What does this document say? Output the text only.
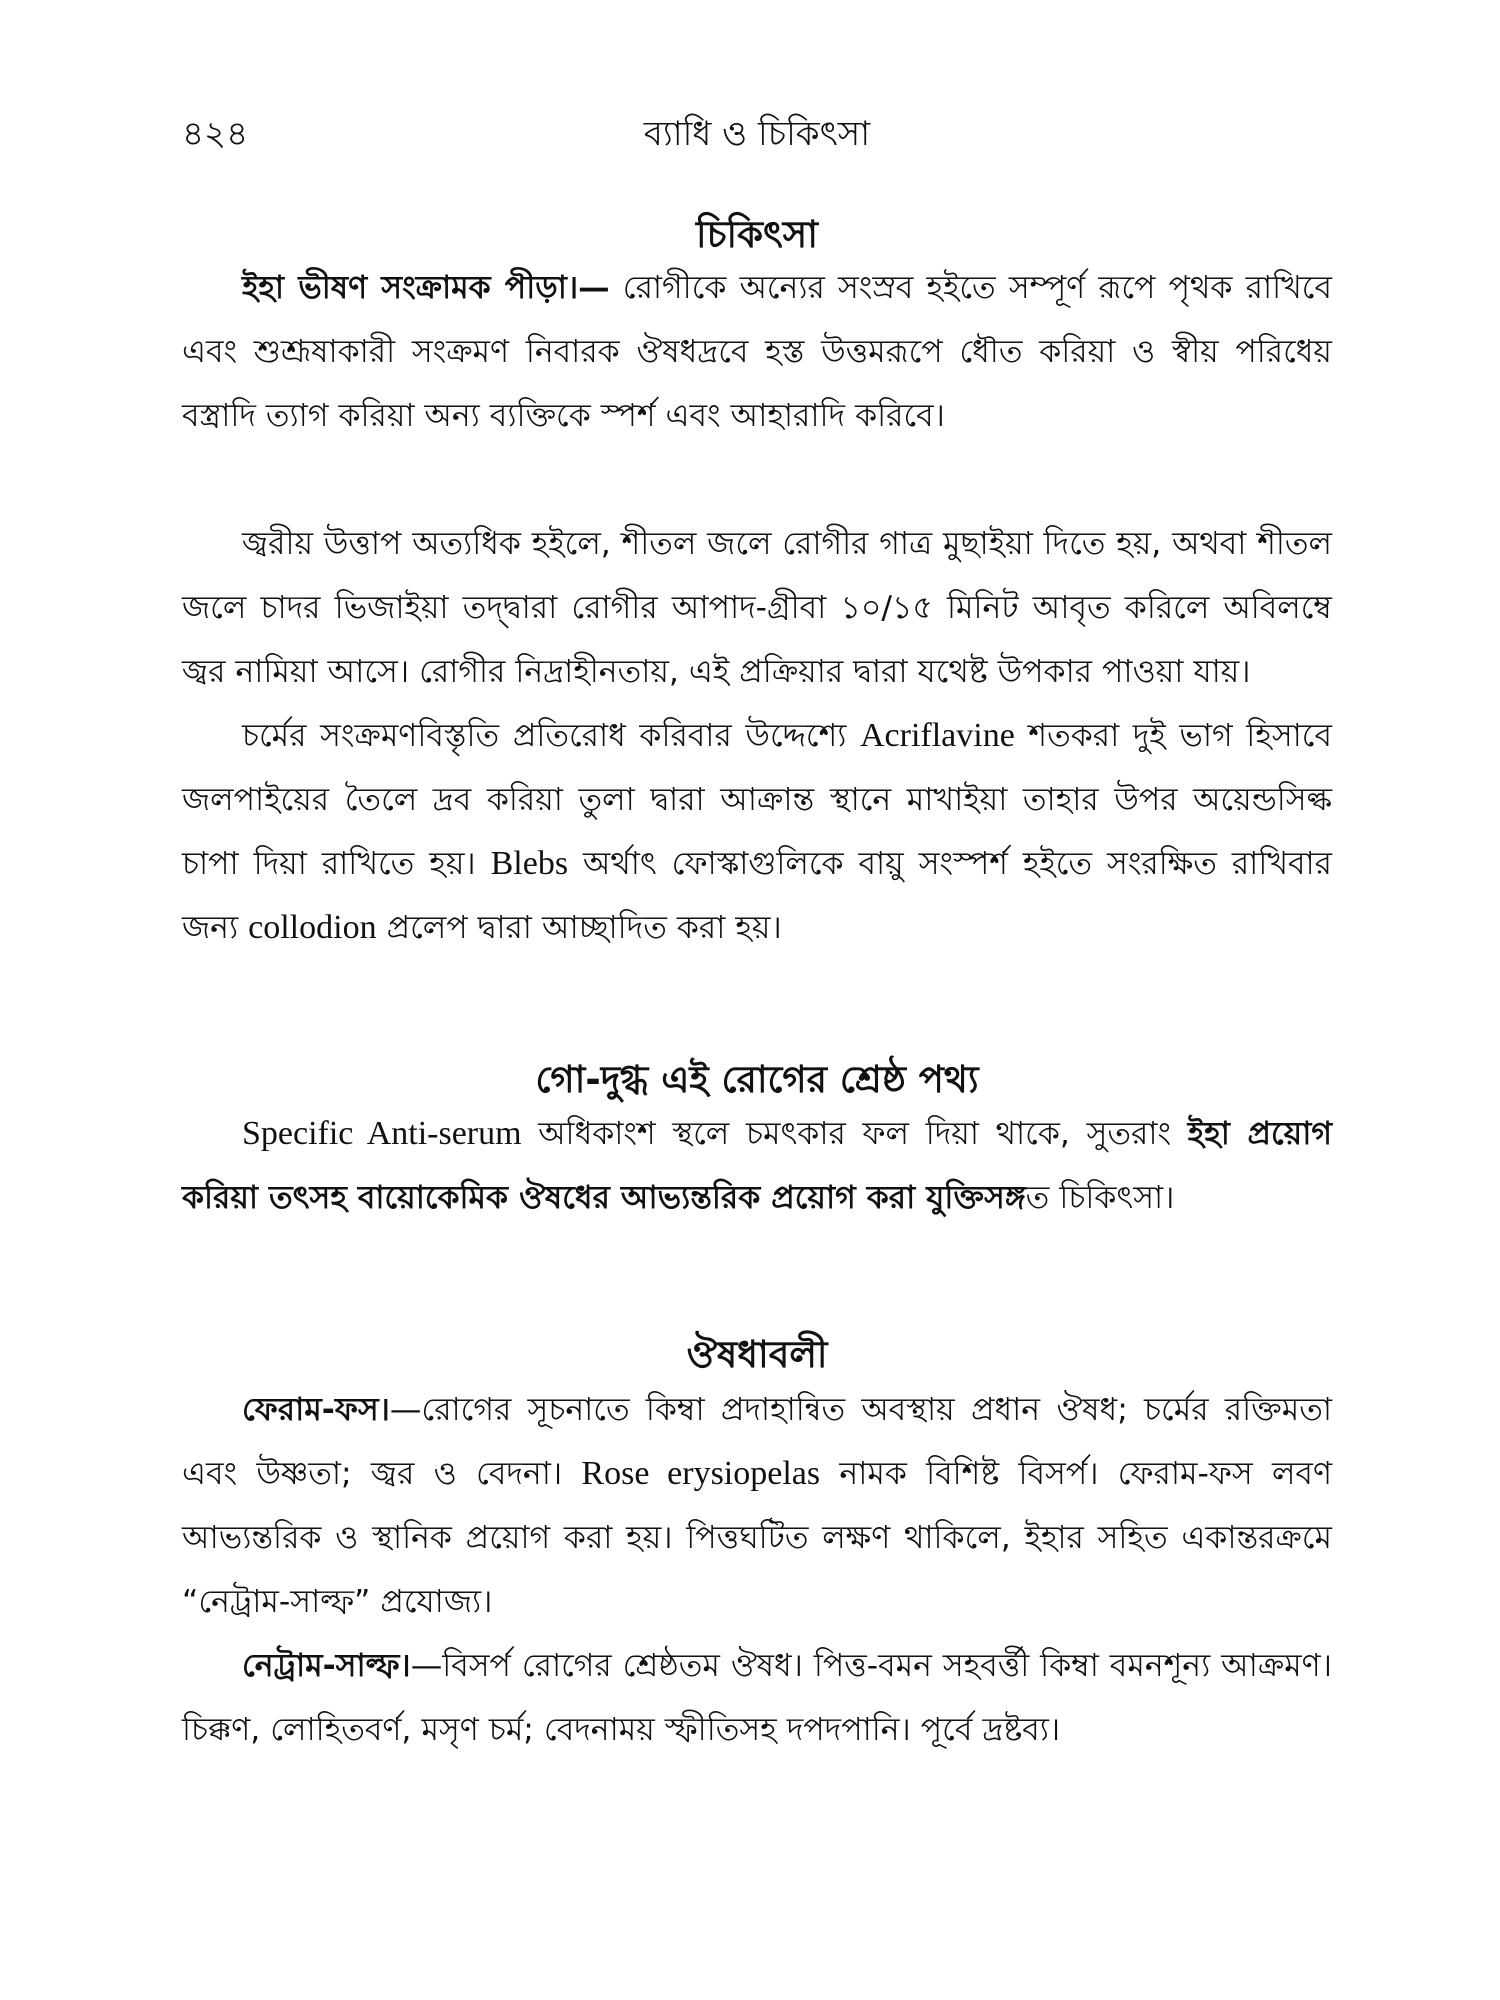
৪২৪	ব্যাধি ও চিকিৎসা
চিকিৎসা

ইহা ভীষণ সংক্রামক পীড়া।— রোগীকে অন্যের সংস্রব হইতে সম্পূর্ণ রূপে পৃথক রাখিবে এবং শুশ্রূষাকারী সংক্রমণ নিবারক ঔষধদ্রবে হস্ত উত্তমরূপে ধৌত করিয়া ও স্বীয় পরিধেয় বস্ত্রাদি ত্যাগ করিয়া অন্য ব্যক্তিকে স্পর্শ এবং আহারাদি করিবে।

জ্বরীয় উত্তাপ অত্যধিক হইলে, শীতল জলে রোগীর গাত্র মুছাইয়া দিতে হয়, অথবা শীতল জলে চাদর ভিজাইয়া তদ্দ্বারা রোগীর আপাদ-গ্রীবা ১০/১৫ মিনিট আবৃত করিলে অবিলম্বে জ্বর নামিয়া আসে। রোগীর নিদ্রাহীনতায়, এই প্রক্রিয়ার দ্বারা যথেষ্ট উপকার পাওয়া যায়।

চর্মের সংক্রমণবিস্তৃতি প্রতিরোধ করিবার উদ্দেশ্যে Acriflavine শতকরা দুই ভাগ হিসাবে জলপাইয়ের তৈলে দ্রব করিয়া তুলা দ্বারা আক্রান্ত স্থানে মাখাইয়া তাহার উপর অয়েন্ডসিল্ক চাপা দিয়া রাখিতে হয়। Blebs অর্থাৎ ফোস্কাগুলিকে বায়ু সংস্পর্শ হইতে সংরক্ষিত রাখিবার জন্য collodion প্রলেপ দ্বারা আচ্ছাদিত করা হয়।

গো-দুগ্ধ এই রোগের শ্রেষ্ঠ পথ্য

Specific Anti-serum অধিকাংশ স্থলে চমৎকার ফল দিয়া থাকে, সুতরাং ইহা প্রয়োগ করিয়া তৎসহ বায়োকেমিক ঔষধের আভ্যন্তরিক প্রয়োগ করা যুক্তিসঙ্গত চিকিৎসা।

ঔষধাবলী

ফেরাম-ফস।—রোগের সূচনাতে কিম্বা প্রদাহান্বিত অবস্থায় প্রধান ঔষধ; চর্মের রক্তিমতা এবং উষ্ণতা; জ্বর ও বেদনা। Rose erysiopelas নামক বিশিষ্ট বিসর্প। ফেরাম-ফস লবণ আভ্যন্তরিক ও স্থানিক প্রয়োগ করা হয়। পিত্তঘটিত লক্ষণ থাকিলে, ইহার সহিত একান্তরক্রমে “নেট্রাম-সাল্ফ” প্রযোজ্য।

নেট্রাম-সাল্ফ।—বিসর্প রোগের শ্রেষ্ঠতম ঔষধ। পিত্ত-বমন সহবর্ত্তী কিম্বা বমনশূন্য আক্রমণ। চিক্কণ, লোহিতবর্ণ, মসৃণ চর্ম; বেদনাময় স্ফীতিসহ দপদপানি। পূর্বে দ্রষ্টব্য।
